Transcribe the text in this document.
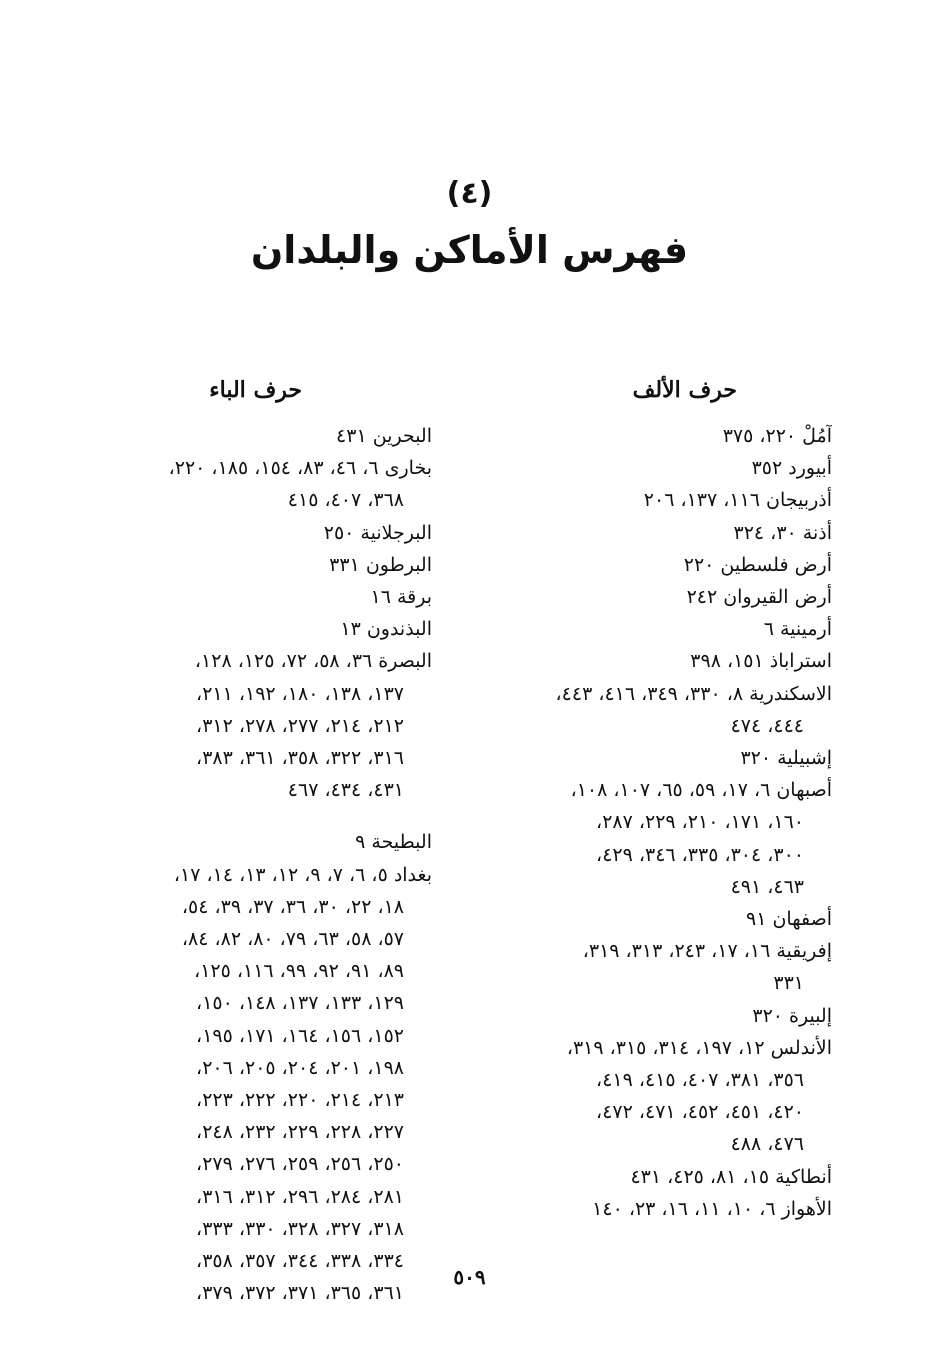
(٤)
فهرس الأماكن والبلدان
حرف الألف
آمُلْ ٢٢٠، ٣٧٥
أبيورد ٣٥٢
أذربيجان ١١٦، ١٣٧، ٢٠٦
أذنة ٣٠، ٣٢٤
أرض فلسطين ٢٢٠
أرض القيروان ٢٤٢
أرمينية ٦
استراباذ ١٥١، ٣٩٨
الاسكندرية ٨، ٣٣٠، ٣٤٩، ٤١٦، ٤٤٣،
٤٤٤، ٤٧٤
إشبيلية ٣٢٠
أصبهان ٦، ١٧، ٥٩، ٦٥، ١٠٧، ١٠٨،
١٦٠، ١٧١، ٢١٠، ٢٢٩، ٢٨٧،
٣٠٠، ٣٠٤، ٣٣٥، ٣٤٦، ٤٢٩،
٤٦٣، ٤٩١
أصفهان ٩١
إفريقية ١٦، ١٧، ٢٤٣، ٣١٣، ٣١٩،
٣٣١
إلبيرة ٣٢٠
الأندلس ١٢، ١٩٧، ٣١٤، ٣١٥، ٣١٩،
٣٥٦، ٣٨١، ٤٠٧، ٤١٥، ٤١٩،
٤٢٠، ٤٥١، ٤٥٢، ٤٧١، ٤٧٢،
٤٧٦، ٤٨٨
أنطاكية ١٥، ٨١، ٤٢٥، ٤٣١
الأهواز ٦، ١٠، ١١، ١٦، ٢٣، ١٤٠
حرف الباء
البحرين ٤٣١
بخارى ٦، ٤٦، ٨٣، ١٥٤، ١٨٥، ٢٢٠،
٣٦٨، ٤٠٧، ٤١٥
البرجلانية ٢٥٠
البرطون ٣٣١
برقة ١٦
البذندون ١٣
البصرة ٣٦، ٥٨، ٧٢، ١٢٥، ١٢٨،
١٣٧، ١٣٨، ١٨٠، ١٩٢، ٢١١،
٢١٢، ٢١٤، ٢٧٧، ٢٧٨، ٣١٢،
٣١٦، ٣٢٢، ٣٥٨، ٣٦١، ٣٨٣،
٤٣١، ٤٣٤، ٤٦٧
البطيحة ٩
بغداد ٥، ٦، ٧، ٩، ١٢، ١٣، ١٤، ١٧،
١٨، ٢٢، ٣٠، ٣٦، ٣٧، ٣٩، ٥٤،
٥٧، ٥٨، ٦٣، ٧٩، ٨٠، ٨٢، ٨٤،
٨٩، ٩١، ٩٢، ٩٩، ١١٦، ١٢٥،
١٢٩، ١٣٣، ١٣٧، ١٤٨، ١٥٠،
١٥٢، ١٥٦، ١٦٤، ١٧١، ١٩٥،
١٩٨، ٢٠١، ٢٠٤، ٢٠٥، ٢٠٦،
٢١٣، ٢١٤، ٢٢٠، ٢٢٢، ٢٢٣،
٢٢٧، ٢٢٨، ٢٢٩، ٢٣٢، ٢٤٨،
٢٥٠، ٢٥٦، ٢٥٩، ٢٧٦، ٢٧٩،
٢٨١، ٢٨٤، ٢٩٦، ٣١٢، ٣١٦،
٣١٨، ٣٢٧، ٣٢٨، ٣٣٠، ٣٣٣،
٣٣٤، ٣٣٨، ٣٤٤، ٣٥٧، ٣٥٨،
٣٦١، ٣٦٥، ٣٧١، ٣٧٢، ٣٧٩،
٥٠٩
